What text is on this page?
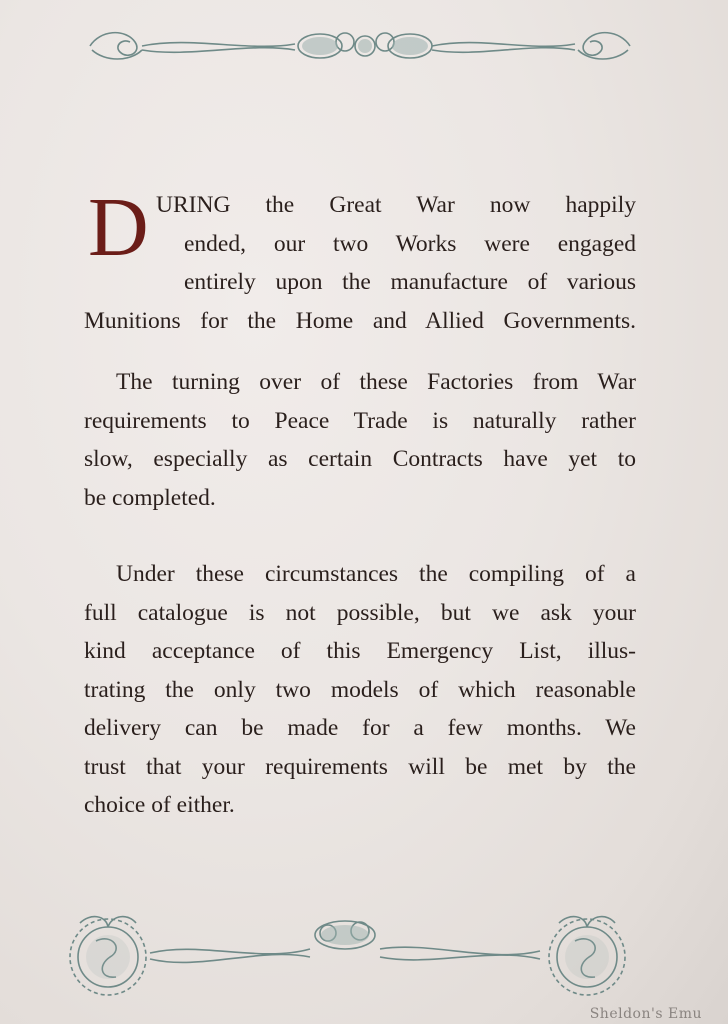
D URING the Great War now happily
ended, our two Works were engaged
entirely upon the manufacture of various
Munitions for the Home and Allied Governments.
The turning over of these Factories from War
requirements to Peace Trade is naturally rather
slow, especially as certain Contracts have yet to
be completed.
Under these circumstances the compiling of a
full catalogue is not possible, but we ask your
kind acceptance of this Emergency List, illus-
trating the only two models of which reasonable
delivery can be made for a few months. We
trust that your requirements will be met by the
choice of either.
Sheldon's Emu
